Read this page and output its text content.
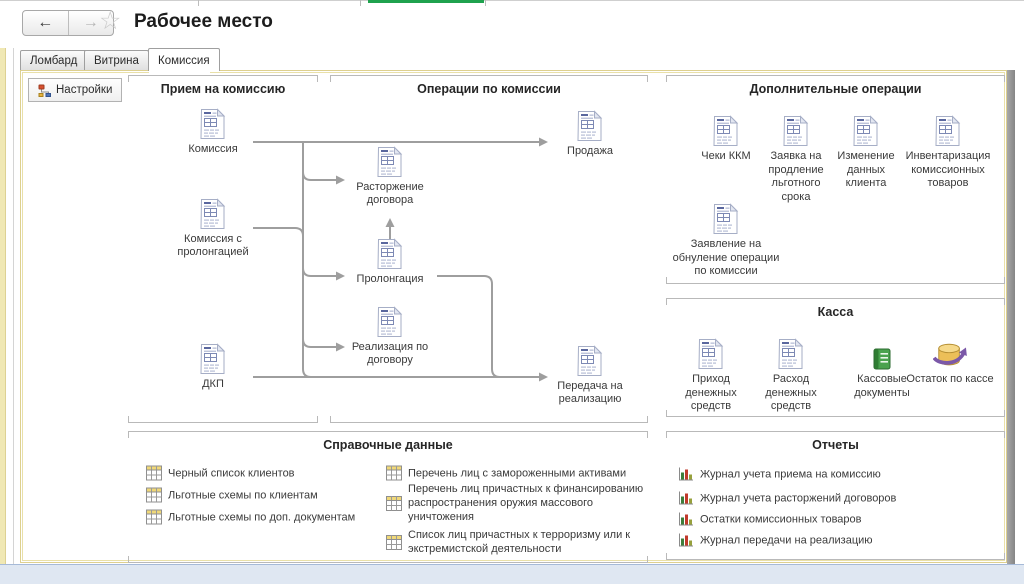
←	→ ☆ Рабочее место
Ломбард	Витрина	Комиссия
Настройки	Прием на комиссию	Операции по комиссии	Дополнительные операции
Касса
Справочные данные	Отчеты
Комиссия
Комиссия с пролонгацией
ДКП
Расторжение договора
Пролонгация
Реализация по договору
Продажа
Передача на реализацию
Чеки ККМ	Заявка на продление льготного срока
Изменение данных клиента
Инвентаризация комиссионных товаров
Заявление на обнуление операции по комиссии
Приход денежных средств
Расход денежных средств
Кассовые документы
Остаток по кассе
Черный список клиентов
Льготные схемы по клиентам
Льготные схемы по доп. документам
Перечень лиц с замороженными активами
Перечень лиц причастных к финансированию распространения оружия массового уничтожения
Список лиц причастных к терроризму или к экстремистской деятельности
Журнал учета приема на комиссию
Журнал учета расторжений договоров
Остатки комиссионных товаров
Журнал передачи на реализацию
